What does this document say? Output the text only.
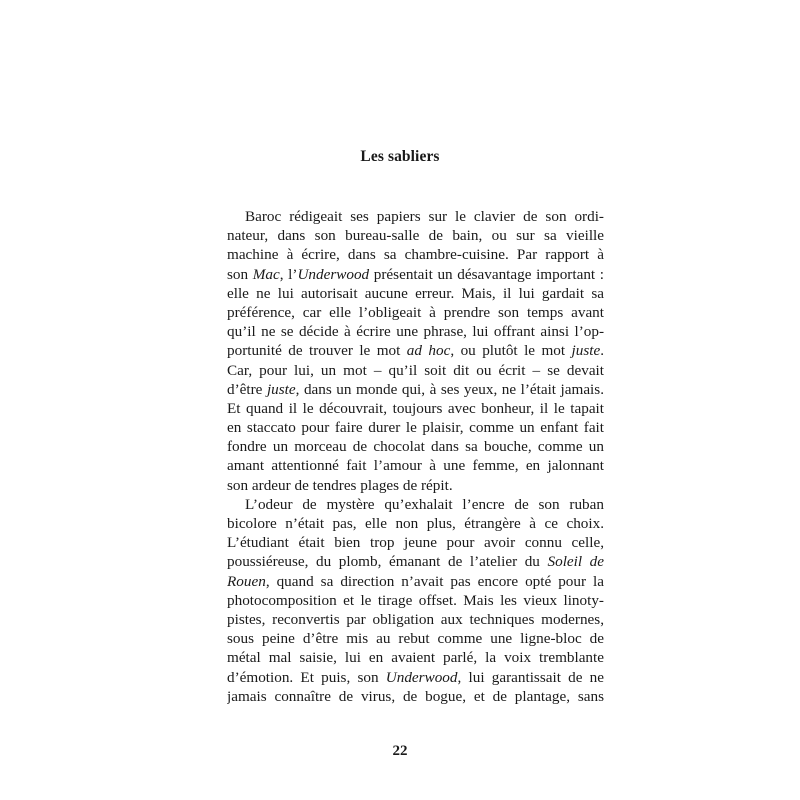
Les sabliers
Baroc rédigeait ses papiers sur le clavier de son ordi-
nateur, dans son bureau-salle de bain, ou sur sa vieille
machine à écrire, dans sa chambre-cuisine. Par rapport à
son Mac, l’Underwood présentait un désavantage important :
elle ne lui autorisait aucune erreur. Mais, il lui gardait sa
préférence, car elle l’obligeait à prendre son temps avant
qu’il ne se décide à écrire une phrase, lui offrant ainsi l’op-
portunité de trouver le mot ad hoc, ou plutôt le mot juste.
Car, pour lui, un mot – qu’il soit dit ou écrit – se devait
d’être juste, dans un monde qui, à ses yeux, ne l’était jamais.
Et quand il le découvrait, toujours avec bonheur, il le tapait
en staccato pour faire durer le plaisir, comme un enfant fait
fondre un morceau de chocolat dans sa bouche, comme un
amant attentionné fait l’amour à une femme, en jalonnant
son ardeur de tendres plages de répit.
L’odeur de mystère qu’exhalait l’encre de son ruban
bicolore n’était pas, elle non plus, étrangère à ce choix.
L’étudiant était bien trop jeune pour avoir connu celle,
poussiéreuse, du plomb, émanant de l’atelier du Soleil de
Rouen, quand sa direction n’avait pas encore opté pour la
photocomposition et le tirage offset. Mais les vieux linoty-
pistes, reconvertis par obligation aux techniques modernes,
sous peine d’être mis au rebut comme une ligne-bloc de
métal mal saisie, lui en avaient parlé, la voix tremblante
d’émotion. Et puis, son Underwood, lui garantissait de ne
jamais connaître de virus, de bogue, et de plantage, sans
22
